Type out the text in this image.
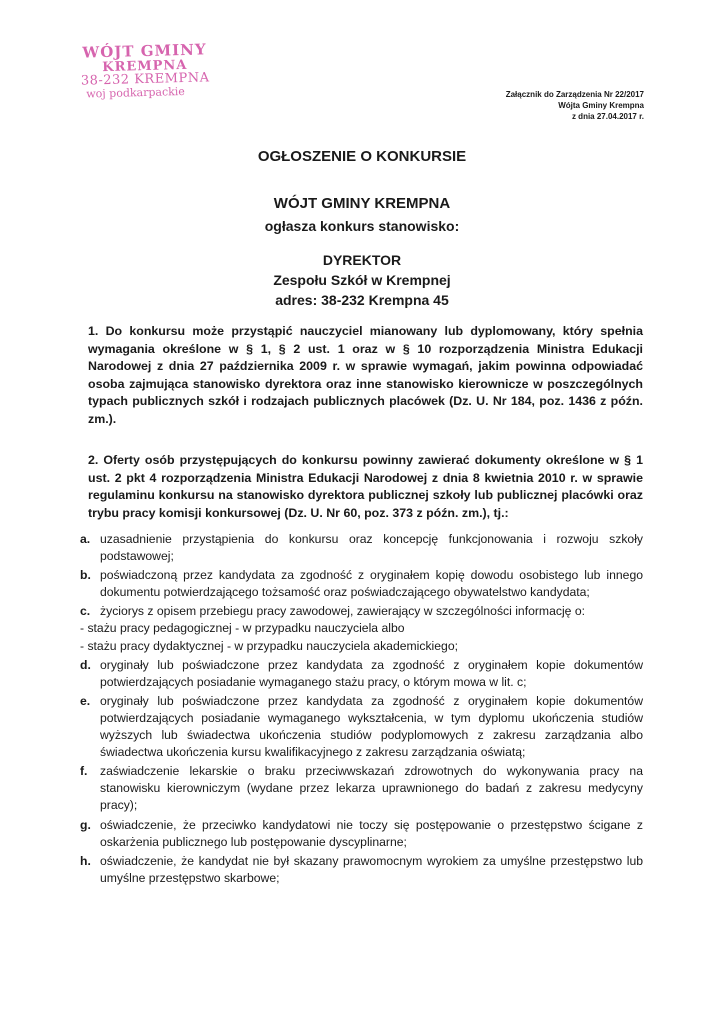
WÓJT GMINY
KREMPNA
38-232 KREMPNA
woj podkarpackie	Załącznik do Zarządzenia Nr 22/2017
Wójta Gminy Krempna
z dnia 27.04.2017 r.
OGŁOSZENIE O KONKURSIE
WÓJT GMINY KREMPNA
ogłasza konkurs stanowisko:
DYREKTOR
Zespołu Szkół w Krempnej
adres: 38-232 Krempna 45
1. Do konkursu może przystąpić nauczyciel mianowany lub dyplomowany, który spełnia wymagania określone w § 1, § 2 ust. 1 oraz w § 10 rozporządzenia Ministra Edukacji Narodowej z dnia 27 października 2009 r. w sprawie wymagań, jakim powinna odpowiadać osoba zajmująca stanowisko dyrektora oraz inne stanowisko kierownicze w poszczególnych typach publicznych szkół i rodzajach publicznych placówek (Dz. U. Nr 184, poz. 1436 z późn. zm.).
2. Oferty osób przystępujących do konkursu powinny zawierać dokumenty określone w § 1 ust. 2 pkt 4 rozporządzenia Ministra Edukacji Narodowej z dnia 8 kwietnia 2010 r. w sprawie regulaminu konkursu na stanowisko dyrektora publicznej szkoły lub publicznej placówki oraz trybu pracy komisji konkursowej (Dz. U. Nr 60, poz. 373 z późn. zm.), tj.:
a. uzasadnienie przystąpienia do konkursu oraz koncepcję funkcjonowania i rozwoju szkoły podstawowej;
b. poświadczoną przez kandydata za zgodność z oryginałem kopię dowodu osobistego lub innego dokumentu potwierdzającego tożsamość oraz poświadczającego obywatelstwo kandydata;
c. życiorys z opisem przebiegu pracy zawodowej, zawierający w szczególności informację o:
- stażu pracy pedagogicznej - w przypadku nauczyciela albo
- stażu pracy dydaktycznej - w przypadku nauczyciela akademickiego;
d. oryginały lub poświadczone przez kandydata za zgodność z oryginałem kopie dokumentów potwierdzających posiadanie wymaganego stażu pracy, o którym mowa w lit. c;
e. oryginały lub poświadczone przez kandydata za zgodność z oryginałem kopie dokumentów potwierdzających posiadanie wymaganego wykształcenia, w tym dyplomu ukończenia studiów wyższych lub świadectwa ukończenia studiów podyplomowych z zakresu zarządzania albo świadectwa ukończenia kursu kwalifikacyjnego z zakresu zarządzania oświatą;
f. zaświadczenie lekarskie o braku przeciwwskazań zdrowotnych do wykonywania pracy na stanowisku kierowniczym (wydane przez lekarza uprawnionego do badań z zakresu medycyny pracy);
g. oświadczenie, że przeciwko kandydatowi nie toczy się postępowanie o przestępstwo ścigane z oskarżenia publicznego lub postępowanie dyscyplinarne;
h. oświadczenie, że kandydat nie był skazany prawomocnym wyrokiem za umyślne przestępstwo lub umyślne przestępstwo skarbowe;
